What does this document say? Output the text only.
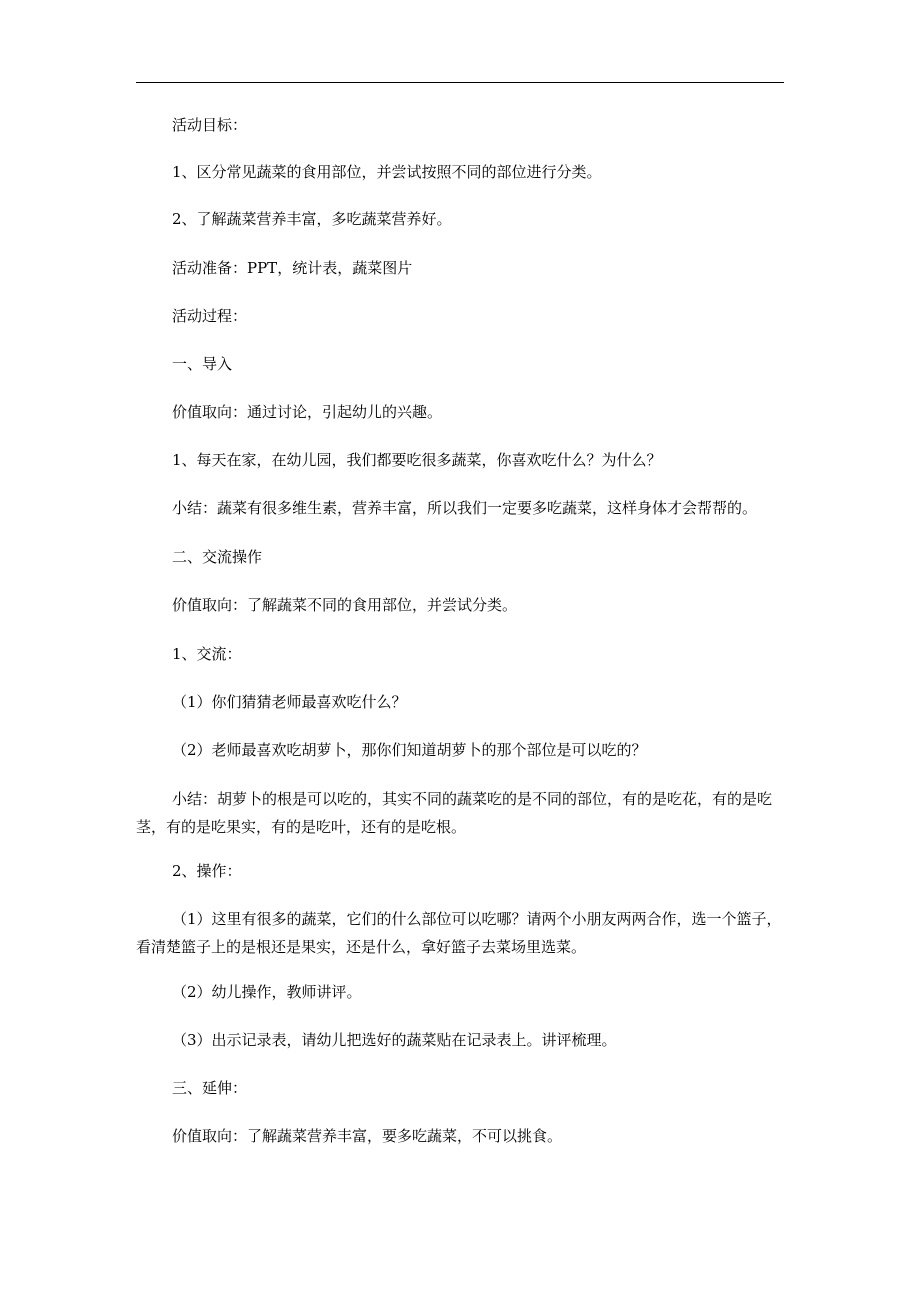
活动目标：
1、区分常见蔬菜的食用部位，并尝试按照不同的部位进行分类。
2、了解蔬菜营养丰富，多吃蔬菜营养好。
活动准备：PPT，统计表，蔬菜图片
活动过程：
一、导入
价值取向：通过讨论，引起幼儿的兴趣。
1、每天在家，在幼儿园，我们都要吃很多蔬菜，你喜欢吃什么？为什么？
小结：蔬菜有很多维生素，营养丰富，所以我们一定要多吃蔬菜，这样身体才会帮帮的。
二、交流操作
价值取向：了解蔬菜不同的食用部位，并尝试分类。
1、交流：
（1）你们猜猜老师最喜欢吃什么？
（2）老师最喜欢吃胡萝卜，那你们知道胡萝卜的那个部位是可以吃的？
小结：胡萝卜的根是可以吃的，其实不同的蔬菜吃的是不同的部位，有的是吃花，有的是吃茎，有的是吃果实，有的是吃叶，还有的是吃根。
2、操作：
（1）这里有很多的蔬菜，它们的什么部位可以吃哪？请两个小朋友两两合作，选一个篮子，看清楚篮子上的是根还是果实，还是什么，拿好篮子去菜场里选菜。
（2）幼儿操作，教师讲评。
（3）出示记录表，请幼儿把选好的蔬菜贴在记录表上。讲评梳理。
三、延伸：
价值取向：了解蔬菜营养丰富，要多吃蔬菜，不可以挑食。
